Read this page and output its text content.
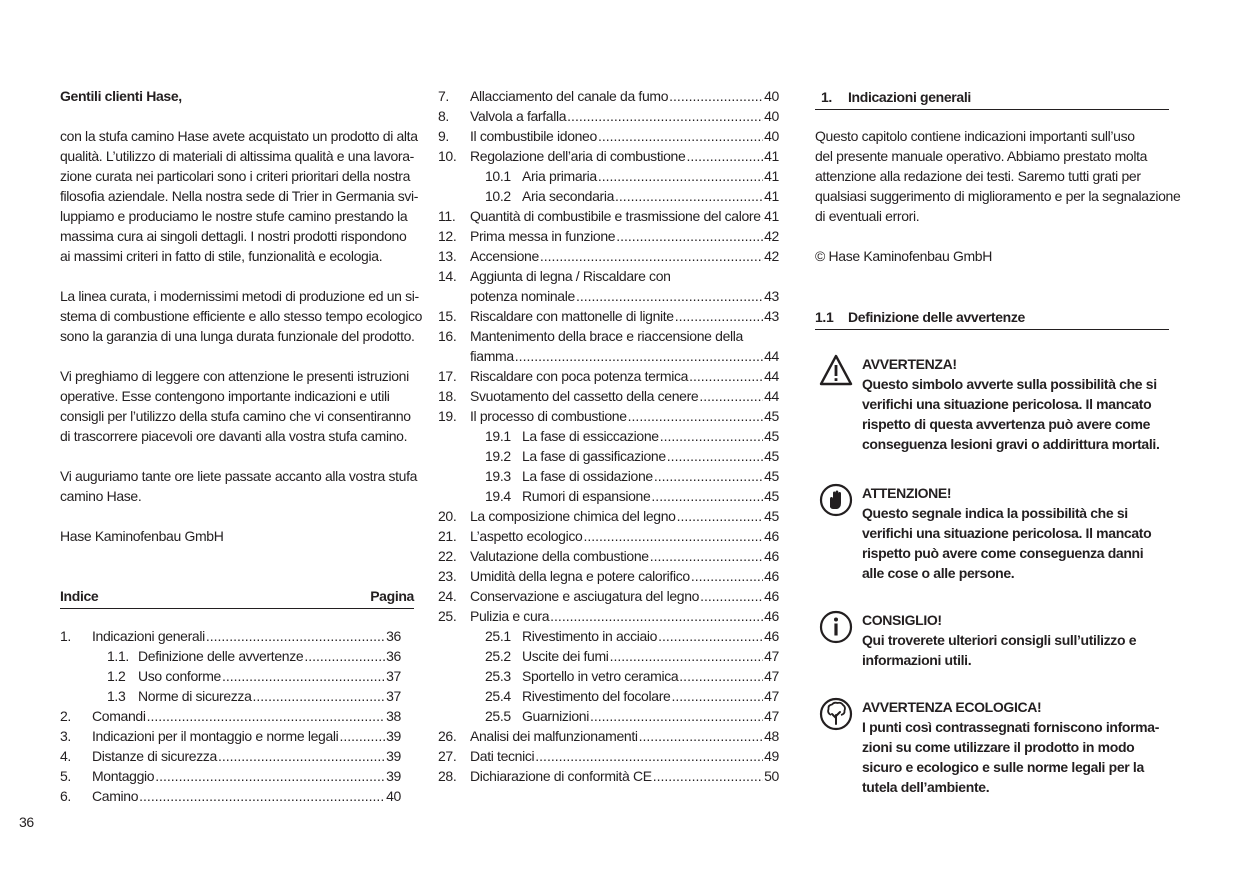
Gentili clienti Hase,
con la stufa camino Hase avete acquistato un prodotto di alta
qualità. L’utilizzo di materiali di altissima qualità e una lavora-
zione curata nei particolari sono i criteri prioritari della nostra
filosofia aziendale. Nella nostra sede di Trier in Germania svi-
luppiamo e produciamo le nostre stufe camino prestando la
massima cura ai singoli dettagli. I nostri prodotti rispondono
ai massimi criteri in fatto di stile, funzionalità e ecologia.
La linea curata, i modernissimi metodi di produzione ed un si-
stema di combustione efficiente e allo stesso tempo ecologico
sono la garanzia di una lunga durata funzionale del prodotto.
Vi preghiamo di leggere con attenzione le presenti istruzioni
operative. Esse contengono importante indicazioni e utili
consigli per l’utilizzo della stufa camino che vi consentiranno
di trascorrere piacevoli ore davanti alla vostra stufa camino.
Vi auguriamo tante ore liete passate accanto alla vostra stufa
camino Hase.
Hase Kaminofenbau GmbH
Indice	Pagina
1. Indicazioni generali .....	36
1.1. Definizione delle avvertenze .....	36
1.2 Uso conforme .....	37
1.3 Norme di sicurezza .....	37
2. Comandi .....	38
3. Indicazioni per il montaggio e norme legali .....	39
4. Distanze di sicurezza .....	39
5. Montaggio .....	39
6. Camino .....	40
7. Allacciamento del canale da fumo .....	40
8. Valvola a farfalla .....	40
9. Il combustibile idoneo .....	40
10. Regolazione dell’aria di combustione .....	41
10.1 Aria primaria .....	41
10.2 Aria secondaria .....	41
11. Quantità di combustibile e trasmissione del calore ..... 41
12. Prima messa in funzione .....	42
13. Accensione .....	42
14. Aggiunta di legna / Riscaldare con
potenza nominale .....	43
15. Riscaldare con mattonelle di lignite .....	43
16. Mantenimento della brace e riaccensione della
fiamma .....	44
17. Riscaldare con poca potenza termica .....	44
18. Svuotamento del cassetto della cenere .....	44
19. Il processo di combustione .....	45
19.1 La fase di essiccazione .....	45
19.2 La fase di gassificazione .....	45
19.3 La fase di ossidazione .....	45
19.4 Rumori di espansione .....	45
20. La composizione chimica del legno .....	45
21. L’aspetto ecologico .....	46
22. Valutazione della combustione .....	46
23. Umidità della legna e potere calorifico .....	46
24. Conservazione e asciugatura del legno .....	46
25. Pulizia e cura .....	46
25.1 Rivestimento in acciaio .....	46
25.2 Uscite dei fumi .....	47
25.3 Sportello in vetro ceramica .....	47
25.4 Rivestimento del focolare .....	47
25.5 Guarnizioni .....	47
26. Analisi dei malfunzionamenti .....	48
27. Dati tecnici .....	49
28. Dichiarazione di conformità CE .....	50
1. Indicazioni generali
Questo capitolo contiene indicazioni importanti sull’uso
del presente manuale operativo. Abbiamo prestato molta
attenzione alla redazione dei testi. Saremo tutti grati per
qualsiasi suggerimento di miglioramento e per la segnalazione
di eventuali errori.
© Hase Kaminofenbau GmbH
1.1 Definizione delle avvertenze
AVVERTENZA!
Questo simbolo avverte sulla possibilità che si
verifichi una situazione pericolosa. Il mancato
rispetto di questa avvertenza può avere come
conseguenza lesioni gravi o addirittura mortali.
ATTENZIONE!
Questo segnale indica la possibilità che si
verifichi una situazione pericolosa. Il mancato
rispetto può avere come conseguenza danni
alle cose o alle persone.
CONSIGLIO!
Qui troverete ulteriori consigli sull’utilizzo e
informazioni utili.
AVVERTENZA ECOLOGICA!
I punti così contrassegnati forniscono informa-
zioni su come utilizzare il prodotto in modo
sicuro e ecologico e sulle norme legali per la
tutela dell’ambiente.
36
